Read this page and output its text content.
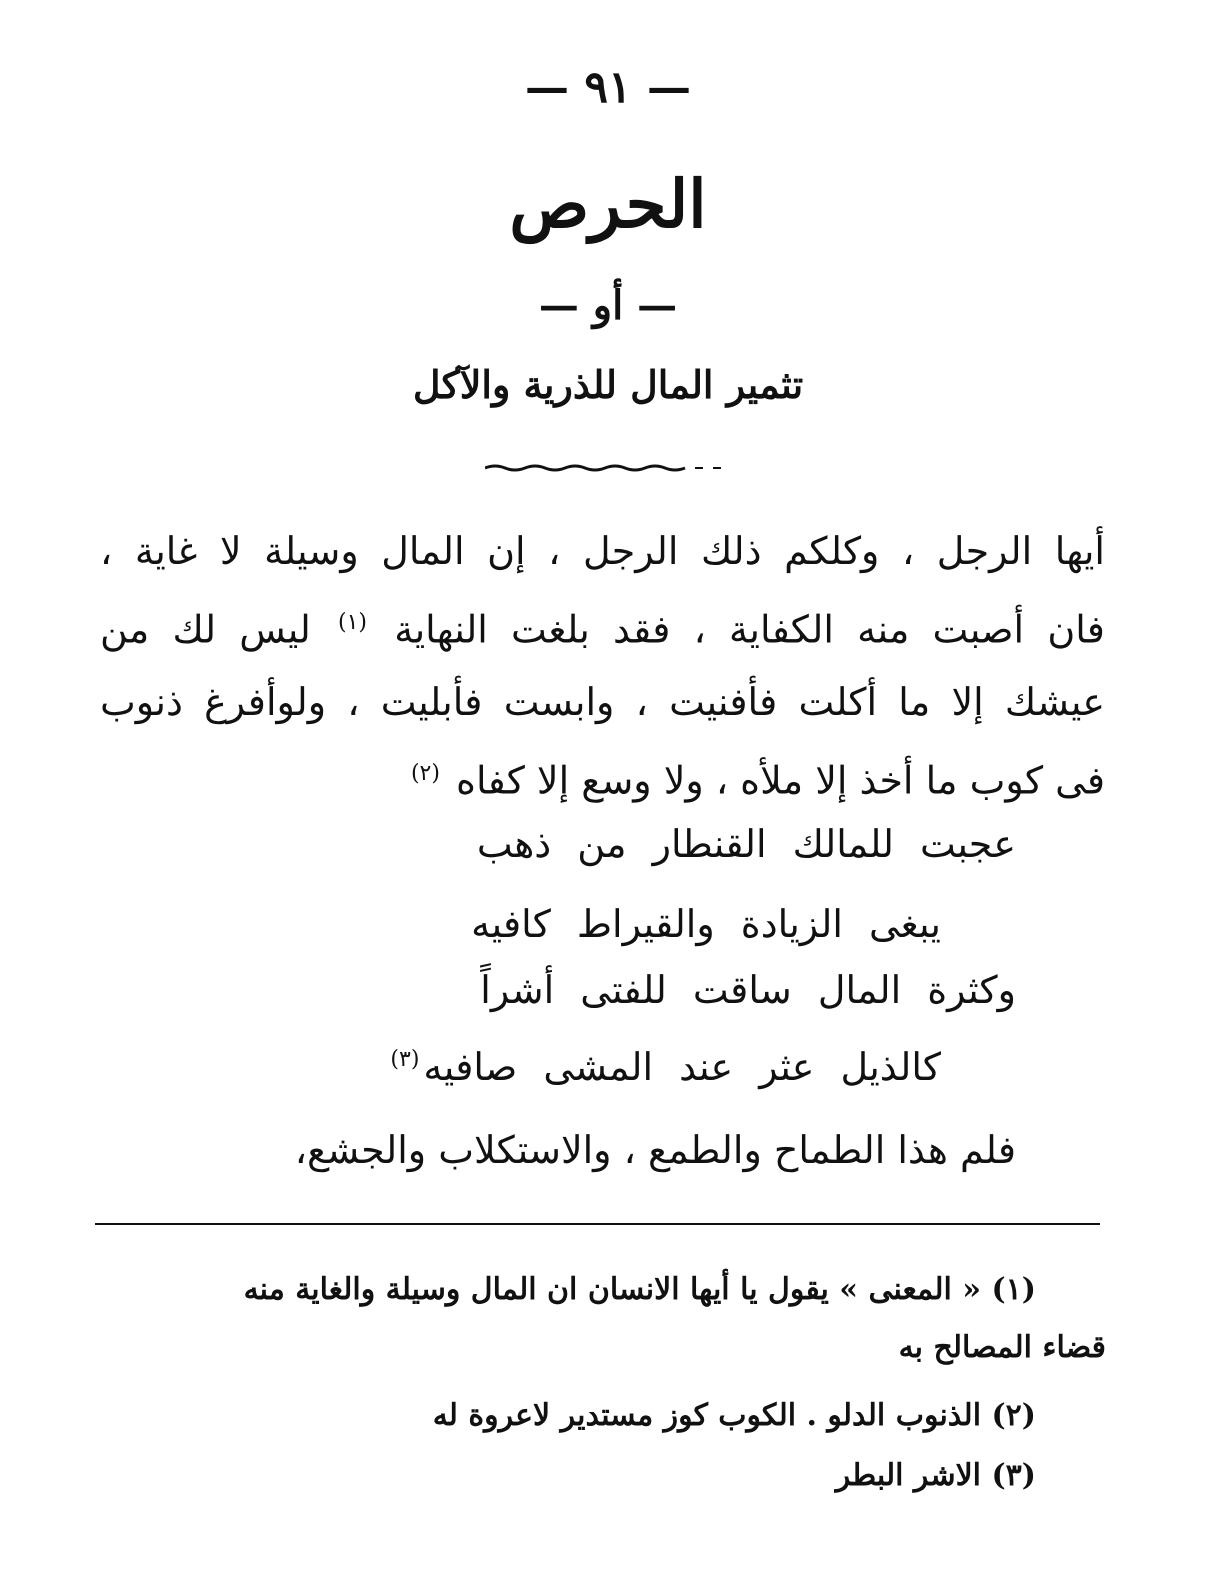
— ٩١ —
الحرص
— أو —
تثمير المال للذرية والآكل
أيها الرجل ، وكلكم ذلك الرجل ، إن المال وسيلة لا غاية ،
فان أصبت منه الكفاية ، فقد بلغت النهاية $^{(١)}$ ليس لك من
عيشك إلا ما أكلت فأفنيت ، وابست فأبليت ، ولوأفرغ ذنوب
فى كوب ما أخذ إلا ملأه ، ولا وسع إلا كفاه $^{(٢)}$
عجبت للمالك القنطار من ذهب
يبغى الزيادة والقيراط كافيه
وكثرة المال ساقت للفتى أشراً
كالذيل عثر عند المشى صافيه$^{(٣)}$
فلم هذا الطماح والطمع ، والاستكلاب والجشع،
(١) « المعنى » يقول يا أيها الانسان ان المال وسيلة والغاية منه
قضاء المصالح به
(٢) الذنوب الدلو . الكوب كوز مستدير لاعروة له
(٣) الاشر البطر
